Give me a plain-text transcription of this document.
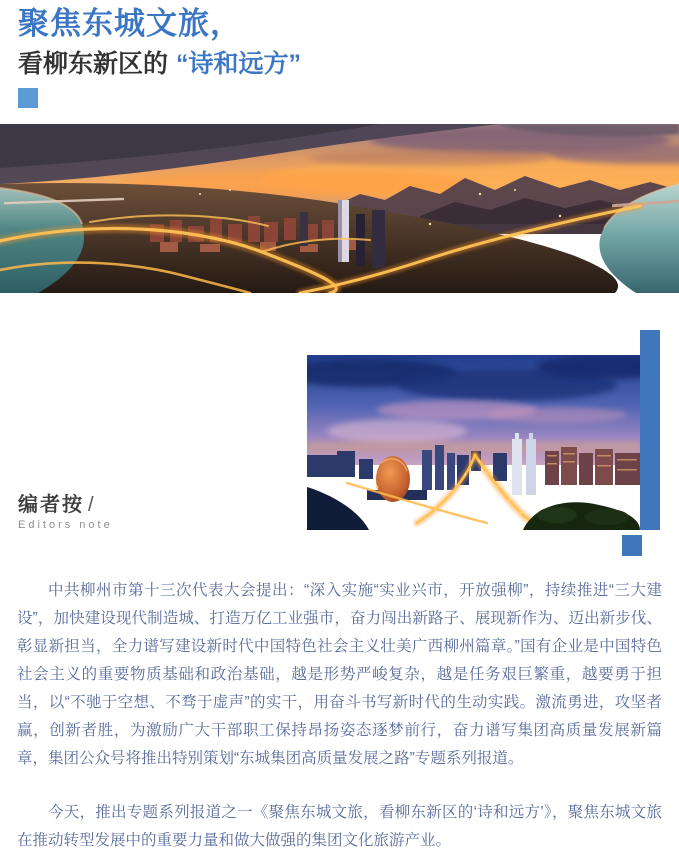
聚焦东城文旅，
看柳东新区的 “诗和远方”
编者按 /
Editors note

中共柳州市第十三次代表大会提出：“深入实施“实业兴市，开放强柳”，持续推进“三大建设”，加快建设现代制造城、打造万亿工业强市，奋力闯出新路子、展现新作为、迈出新步伐、彰显新担当，全力谱写建设新时代中国特色社会主义壮美广西柳州篇章。”国有企业是中国特色社会主义的重要物质基础和政治基础，越是形势严峻复杂，越是任务艰巨繁重，越要勇于担当，以“不驰于空想、不骛于虚声”的实干，用奋斗书写新时代的生动实践。激流勇进，攻坚者赢，创新者胜，为激励广大干部职工保持昂扬姿态逐梦前行，奋力谱写集团高质量发展新篇章，集团公众号将推出特别策划“东城集团高质量发展之路”专题系列报道。

今天，推出专题系列报道之一《聚焦东城文旅，看柳东新区的‘诗和远方’》，聚焦东城文旅在推动转型发展中的重要力量和做大做强的集团文化旅游产业。
